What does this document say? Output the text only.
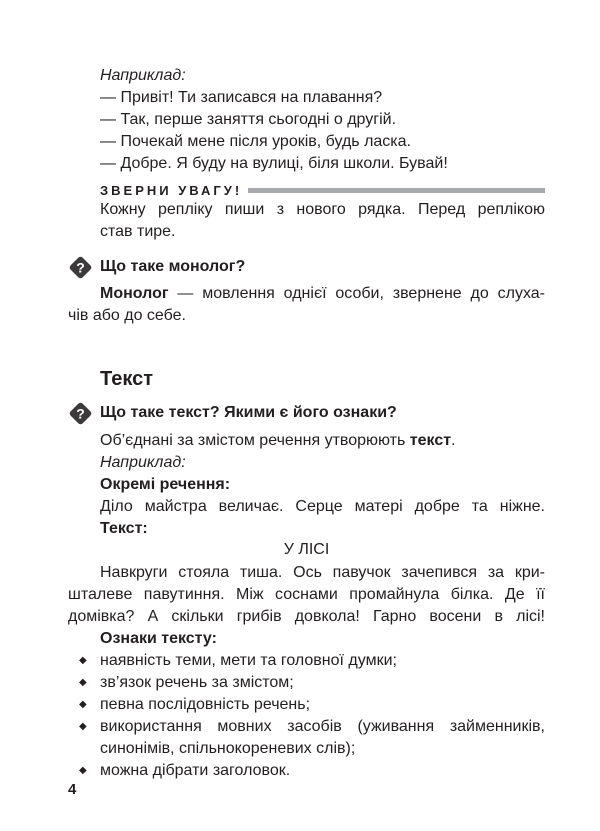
Наприклад:
— Привіт! Ти записався на плавання?
— Так, перше заняття сьогодні о другій.
— Почекай мене після уроків, будь ласка.
— Добре. Я буду на вулиці, біля школи. Бувай!
ЗВЕРНИ УВАГУ!
Кожну репліку пиши з нового рядка. Перед реплікою
став тире.
Що таке монолог?
Монолог — мовлення однієї особи, звернене до слуха-
чів або до себе.
Текст
Що таке текст? Якими є його ознаки?
Об’єднані за змістом речення утворюють текст.
Наприклад:
Окремі речення:
Діло майстра величає. Серце матері добре та ніжне.
Текст:
У ЛІСІ
Навкруги стояла тиша. Ось павучок зачепився за кри-
шталеве павутиння. Між соснами промайнула білка. Де її
домівка? А скільки грибів довкола! Гарно восени в лісі!
Ознаки тексту:
◆ наявність теми, мети та головної думки;
◆ зв’язок речень за змістом;
◆ певна послідовність речень;
◆ використання мовних засобів (уживання займенників,
синонімів, спільнокореневих слів);
◆ можна дібрати заголовок.
4
